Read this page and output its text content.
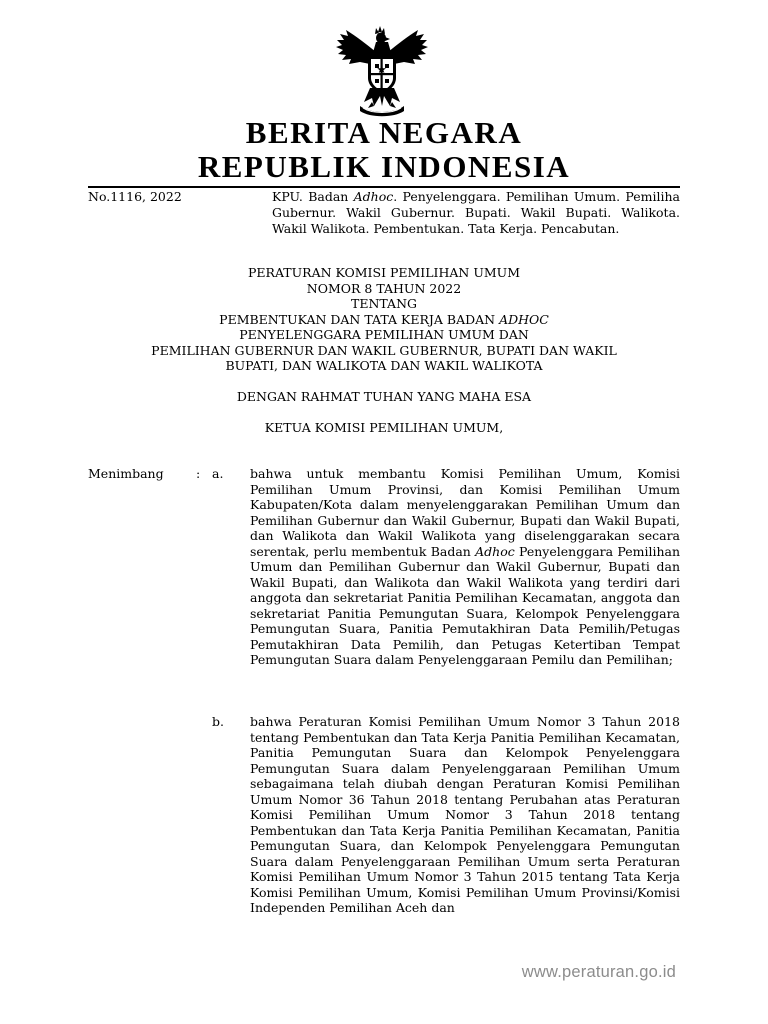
BERITA NEGARA
REPUBLIK INDONESIA
No.1116, 2022	KPU. Badan Adhoc. Penyelenggara. Pemilihan Umum. Pemiliha Gubernur. Wakil Gubernur. Bupati. Wakil Bupati. Walikota. Wakil Walikota. Pembentukan. Tata Kerja. Pencabutan.
PERATURAN KOMISI PEMILIHAN UMUM
NOMOR 8 TAHUN 2022
TENTANG
PEMBENTUKAN DAN TATA KERJA BADAN ADHOC
PENYELENGGARA PEMILIHAN UMUM DAN
PEMILIHAN GUBERNUR DAN WAKIL GUBERNUR, BUPATI DAN WAKIL
BUPATI, DAN WALIKOTA DAN WAKIL WALIKOTA
DENGAN RAHMAT TUHAN YANG MAHA ESA
KETUA KOMISI PEMILIHAN UMUM,
Menimbang	: a. bahwa untuk membantu Komisi Pemilihan Umum, Komisi Pemilihan Umum Provinsi, dan Komisi Pemilihan Umum Kabupaten/Kota dalam menyelenggarakan Pemilihan Umum dan Pemilihan Gubernur dan Wakil Gubernur, Bupati dan Wakil Bupati, dan Walikota dan Wakil Walikota yang diselenggarakan secara serentak, perlu membentuk Badan Adhoc Penyelenggara Pemilihan Umum dan Pemilihan Gubernur dan Wakil Gubernur, Bupati dan Wakil Bupati, dan Walikota dan Wakil Walikota yang terdiri dari anggota dan sekretariat Panitia Pemilihan Kecamatan, anggota dan sekretariat Panitia Pemungutan Suara, Kelompok Penyelenggara Pemungutan Suara, Panitia Pemutakhiran Data Pemilih/Petugas Pemutakhiran Data Pemilih, dan Petugas Ketertiban Tempat Pemungutan Suara dalam Penyelenggaraan Pemilu dan Pemilihan;
b. bahwa Peraturan Komisi Pemilihan Umum Nomor 3 Tahun 2018 tentang Pembentukan dan Tata Kerja Panitia Pemilihan Kecamatan, Panitia Pemungutan Suara dan Kelompok Penyelenggara Pemungutan Suara dalam Penyelenggaraan Pemilihan Umum sebagaimana telah diubah dengan Peraturan Komisi Pemilihan Umum Nomor 36 Tahun 2018 tentang Perubahan atas Peraturan Komisi Pemilihan Umum Nomor 3 Tahun 2018 tentang Pembentukan dan Tata Kerja Panitia Pemilihan Kecamatan, Panitia Pemungutan Suara, dan Kelompok Penyelenggara Pemungutan Suara dalam Penyelenggaraan Pemilihan Umum serta Peraturan Komisi Pemilihan Umum Nomor 3 Tahun 2015 tentang Tata Kerja Komisi Pemilihan Umum, Komisi Pemilihan Umum Provinsi/Komisi Independen Pemilihan Aceh dan
www.peraturan.go.id
